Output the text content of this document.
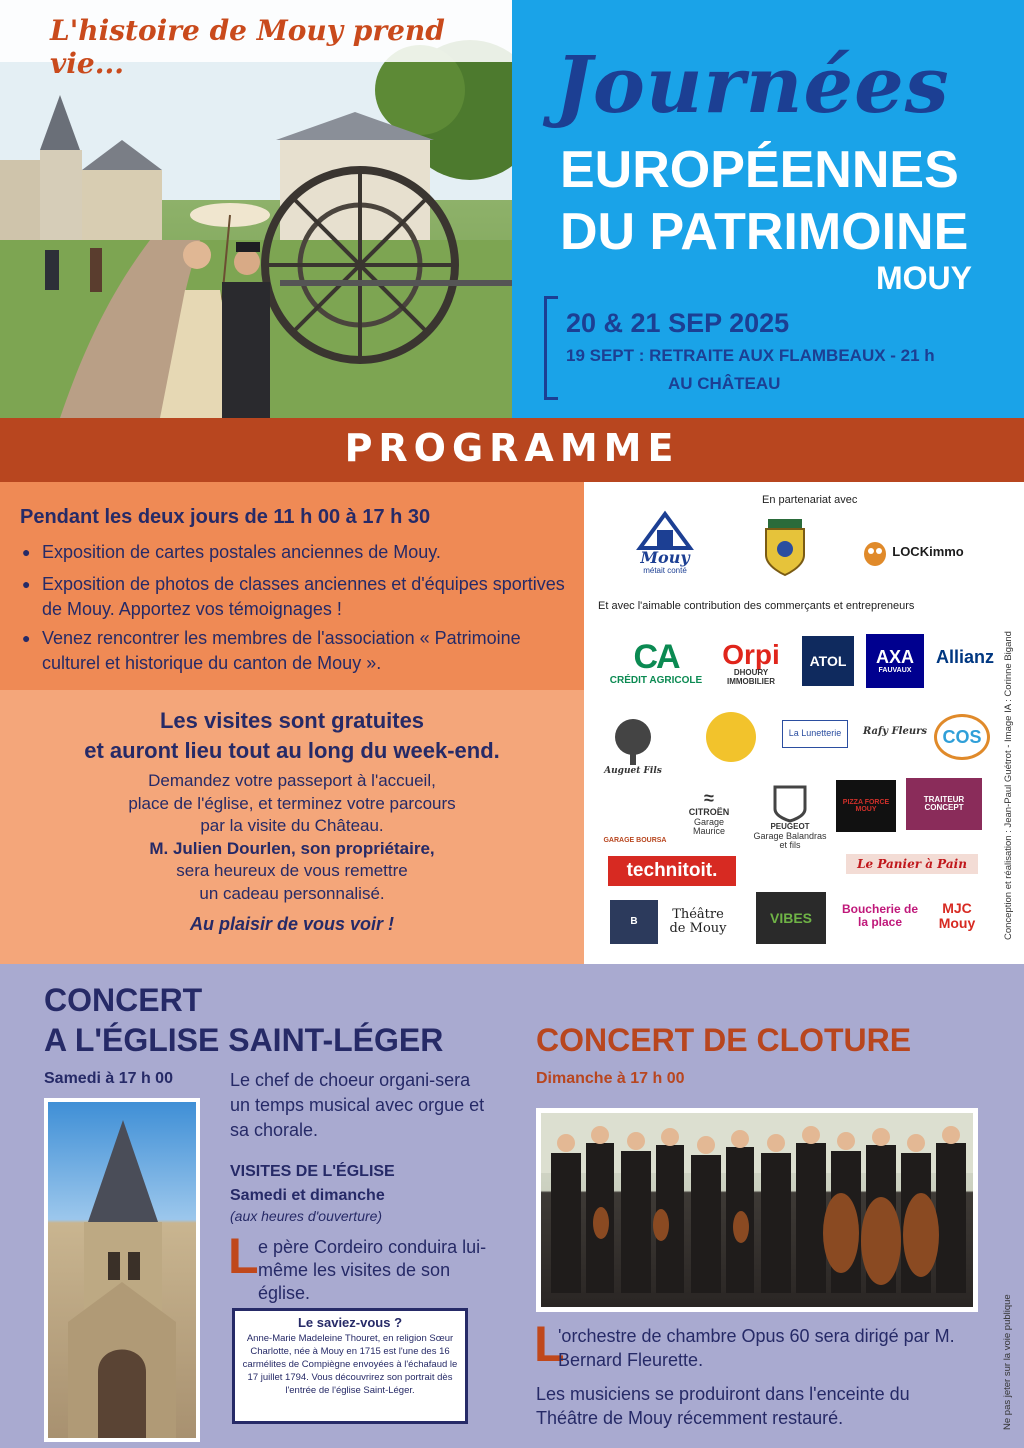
L'histoire de Mouy prend vie...	Journées
EUROPÉENNES
DU PATRIMOINE
MOUY
20 & 21 SEP 2025
19 SEPT : RETRAITE AUX FLAMBEAUX - 21 h
AU CHÂTEAU
PROGRAMME
Pendant les deux jours de 11 h 00 à 17 h 30
● Exposition de cartes postales anciennes de Mouy.
● Exposition de photos de classes anciennes et d'équipes sportives de Mouy. Apportez vos témoignages !
● Venez rencontrer les membres de l'association « Patrimoine culturel et historique du canton de Mouy ».
Les visites sont gratuites
et auront lieu tout au long du week-end.
Demandez votre passeport à l'accueil,
place de l'église, et terminez votre parcours
par la visite du Château.
M. Julien Dourlen, son propriétaire,
sera heureux de vous remettre
un cadeau personnalisé.
Au plaisir de vous voir !
En partenariat avec
Mouy
métait conté
LOCKimmo
Et avec l'aimable contribution des commerçants et entrepreneurs
CA
CRÉDIT AGRICOLE
Orpi
DHOURY IMMOBILIER
ATOL	AXA
FAUVAUX
Allianz
Auguet Fils
La Lunetterie	Rafy Fleurs COS
GARAGE BOURSA
≈
CITROËN
Garage Maurice	PEUGEOT
Garage Balandras et fils
PIZZA FORCE MOUY
TRAITEUR CONCEPT
technitoit.	Le Panier à Pain
B	Théâtre de Mouy
VIBES
Boucherie de la place
MJC Mouy	Conception et réalisation : Jean-Paul Guétrot - Image IA : Corinne Bigand
CONCERT
A L'ÉGLISE SAINT-LÉGER
Samedi à 17 h 00	Le chef de choeur organi-sera un temps musical avec orgue et sa chorale.
VISITES DE L'ÉGLISE
Samedi et dimanche
(aux heures d'ouverture)
L e père Cordeiro conduira lui-même les visites de son église.
Le saviez-vous ?
Anne-Marie Madeleine Thouret, en religion Sœur Charlotte, née à Mouy en 1715 est l'une des 16 carmélites de Compiègne envoyées à l'échafaud le 17 juillet 1794. Vous découvrirez son portrait dès l'entrée de l'église Saint-Léger.
CONCERT DE CLOTURE
Dimanche à 17 h 00
L
'orchestre de chambre Opus 60 sera dirigé par M. Bernard Fleurette.
Les musiciens se produiront dans l'enceinte du Théâtre de Mouy récemment restauré.	Ne pas jeter sur la voie publique
